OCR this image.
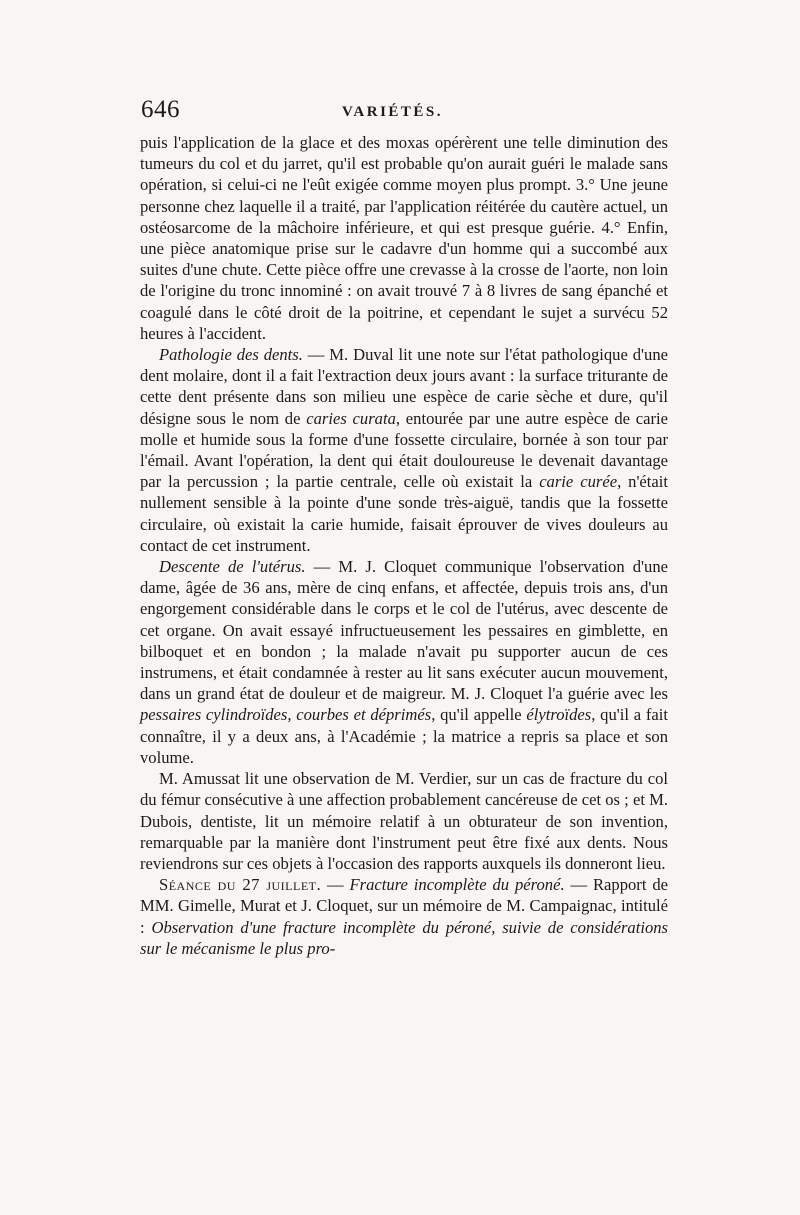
646	VARIÉTÉS.

puis l'application de la glace et des moxas opérèrent une telle diminution des tumeurs du col et du jarret, qu'il est probable qu'on aurait guéri le malade sans opération, si celui-ci ne l'eût exigée comme moyen plus prompt. 3.° Une jeune personne chez laquelle il a traité, par l'application réitérée du cautère actuel, un ostéosarcome de la mâchoire inférieure, et qui est presque guérie. 4.° Enfin, une pièce anatomique prise sur le cadavre d'un homme qui a succombé aux suites d'une chute. Cette pièce offre une crevasse à la crosse de l'aorte, non loin de l'origine du tronc innominé : on avait trouvé 7 à 8 livres de sang épanché et coagulé dans le côté droit de la poitrine, et cependant le sujet a survécu 52 heures à l'accident.

Pathologie des dents. — M. Duval lit une note sur l'état pathologique d'une dent molaire, dont il a fait l'extraction deux jours avant : la surface triturante de cette dent présente dans son milieu une espèce de carie sèche et dure, qu'il désigne sous le nom de caries curata, entourée par une autre espèce de carie molle et humide sous la forme d'une fossette circulaire, bornée à son tour par l'émail. Avant l'opération, la dent qui était douloureuse le devenait davantage par la percussion ; la partie centrale, celle où existait la carie curée, n'était nullement sensible à la pointe d'une sonde très-aiguë, tandis que la fossette circulaire, où existait la carie humide, faisait éprouver de vives douleurs au contact de cet instrument.

Descente de l'utérus. — M. J. Cloquet communique l'observation d'une dame, âgée de 36 ans, mère de cinq enfans, et affectée, depuis trois ans, d'un engorgement considérable dans le corps et le col de l'utérus, avec descente de cet organe. On avait essayé infructueusement les pessaires en gimblette, en bilboquet et en bondon ; la malade n'avait pu supporter aucun de ces instrumens, et était condamnée à rester au lit sans exécuter aucun mouvement, dans un grand état de douleur et de maigreur. M. J. Cloquet l'a guérie avec les pessaires cylindroïdes, courbes et déprimés, qu'il appelle élytroïdes, qu'il a fait connaître, il y a deux ans, à l'Académie ; la matrice a repris sa place et son volume.

M. Amussat lit une observation de M. Verdier, sur un cas de fracture du col du fémur consécutive à une affection probablement cancéreuse de cet os ; et M. Dubois, dentiste, lit un mémoire relatif à un obturateur de son invention, remarquable par la manière dont l'instrument peut être fixé aux dents. Nous reviendrons sur ces objets à l'occasion des rapports auxquels ils donneront lieu.

Séance du 27 juillet. — Fracture incomplète du péroné. — Rapport de MM. Gimelle, Murat et J. Cloquet, sur un mémoire de M. Campaignac, intitulé : Observation d'une fracture incomplète du péroné, suivie de considérations sur le mécanisme le plus pro-
